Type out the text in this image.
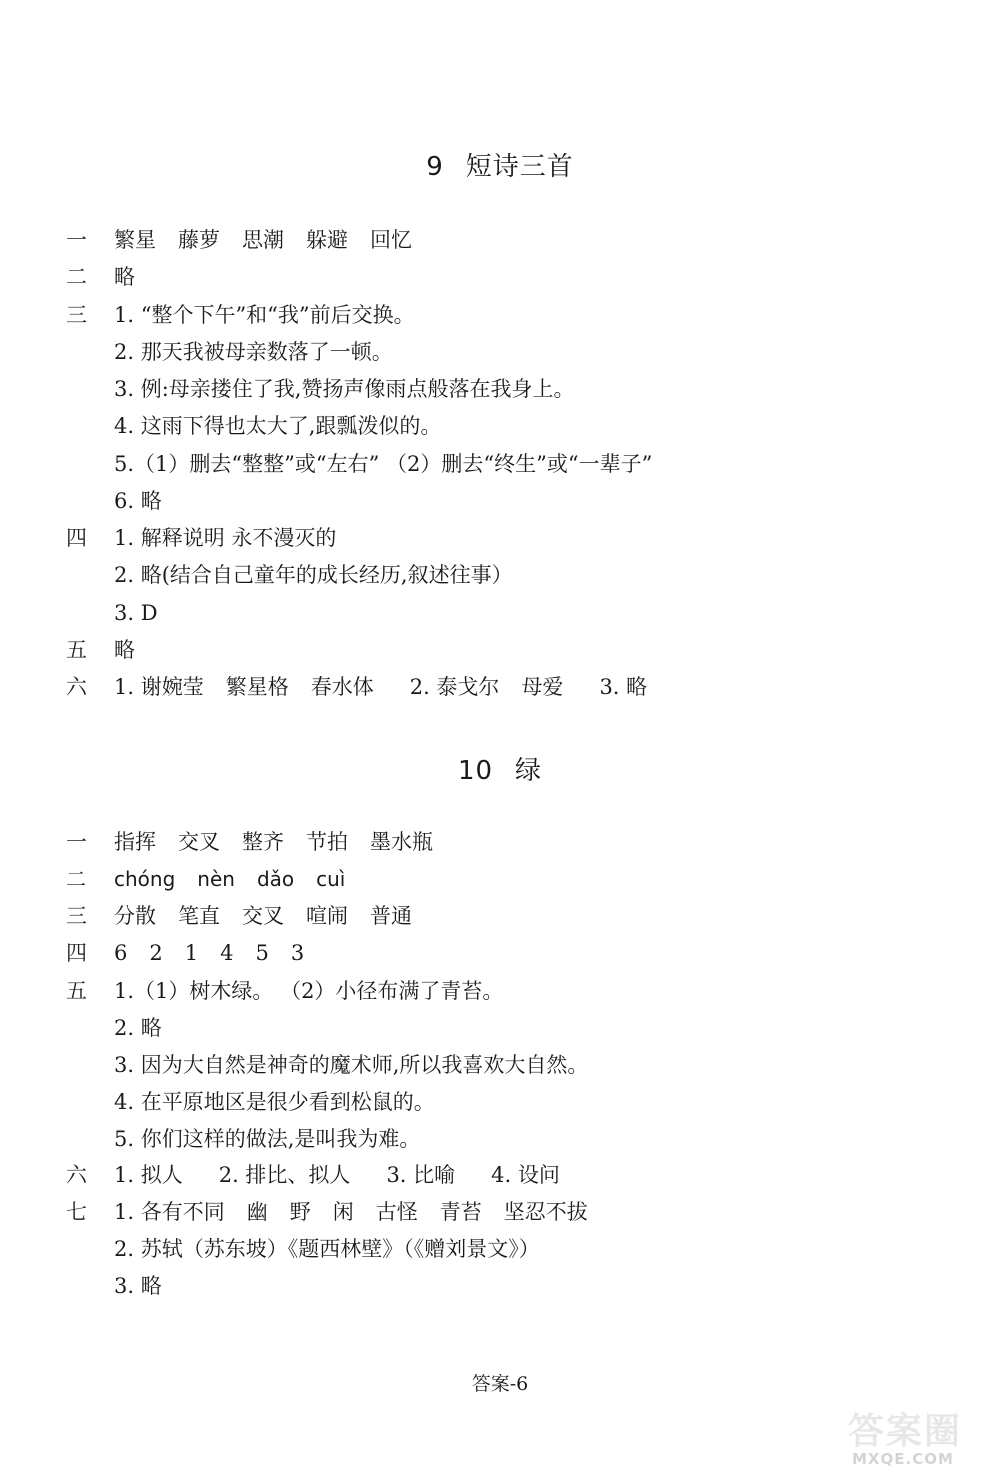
9 短诗三首
一 繁星 藤萝 思潮 躲避 回忆
二 略
三 1. “整个下午”和“我”前后交换。
2. 那天我被母亲数落了一顿。
3. 例:母亲搂住了我,赞扬声像雨点般落在我身上。
4. 这雨下得也太大了,跟瓢泼似的。
5.（1）删去“整整”或“左右” （2）删去“终生”或“一辈子”
6. 略
四 1. 解释说明 永不漫灭的
2. 略(结合自己童年的成长经历,叙述往事）
3. D
五 略
六 1. 谢婉莹 繁星格 春水体 2. 泰戈尔 母爱 3. 略
10 绿
一 指挥 交叉 整齐 节拍 墨水瓶
二 chóng nèn dǎo cuì
三 分散 笔直 交叉 喧闹 普通
四 6 2 1 4 5 3
五 1.（1）树木绿。 （2）小径布满了青苔。
2. 略
3. 因为大自然是神奇的魔术师,所以我喜欢大自然。
4. 在平原地区是很少看到松鼠的。
5. 你们这样的做法,是叫我为难。
六 1. 拟人 2. 排比、拟人 3. 比喻 4. 设问
七 1. 各有不同 幽 野 闲 古怪 青苔 坚忍不拔
2. 苏轼（苏东坡）《题西林壁》（《赠刘景文》）
3. 略
答案-6
答案圈
MXQE.COM
